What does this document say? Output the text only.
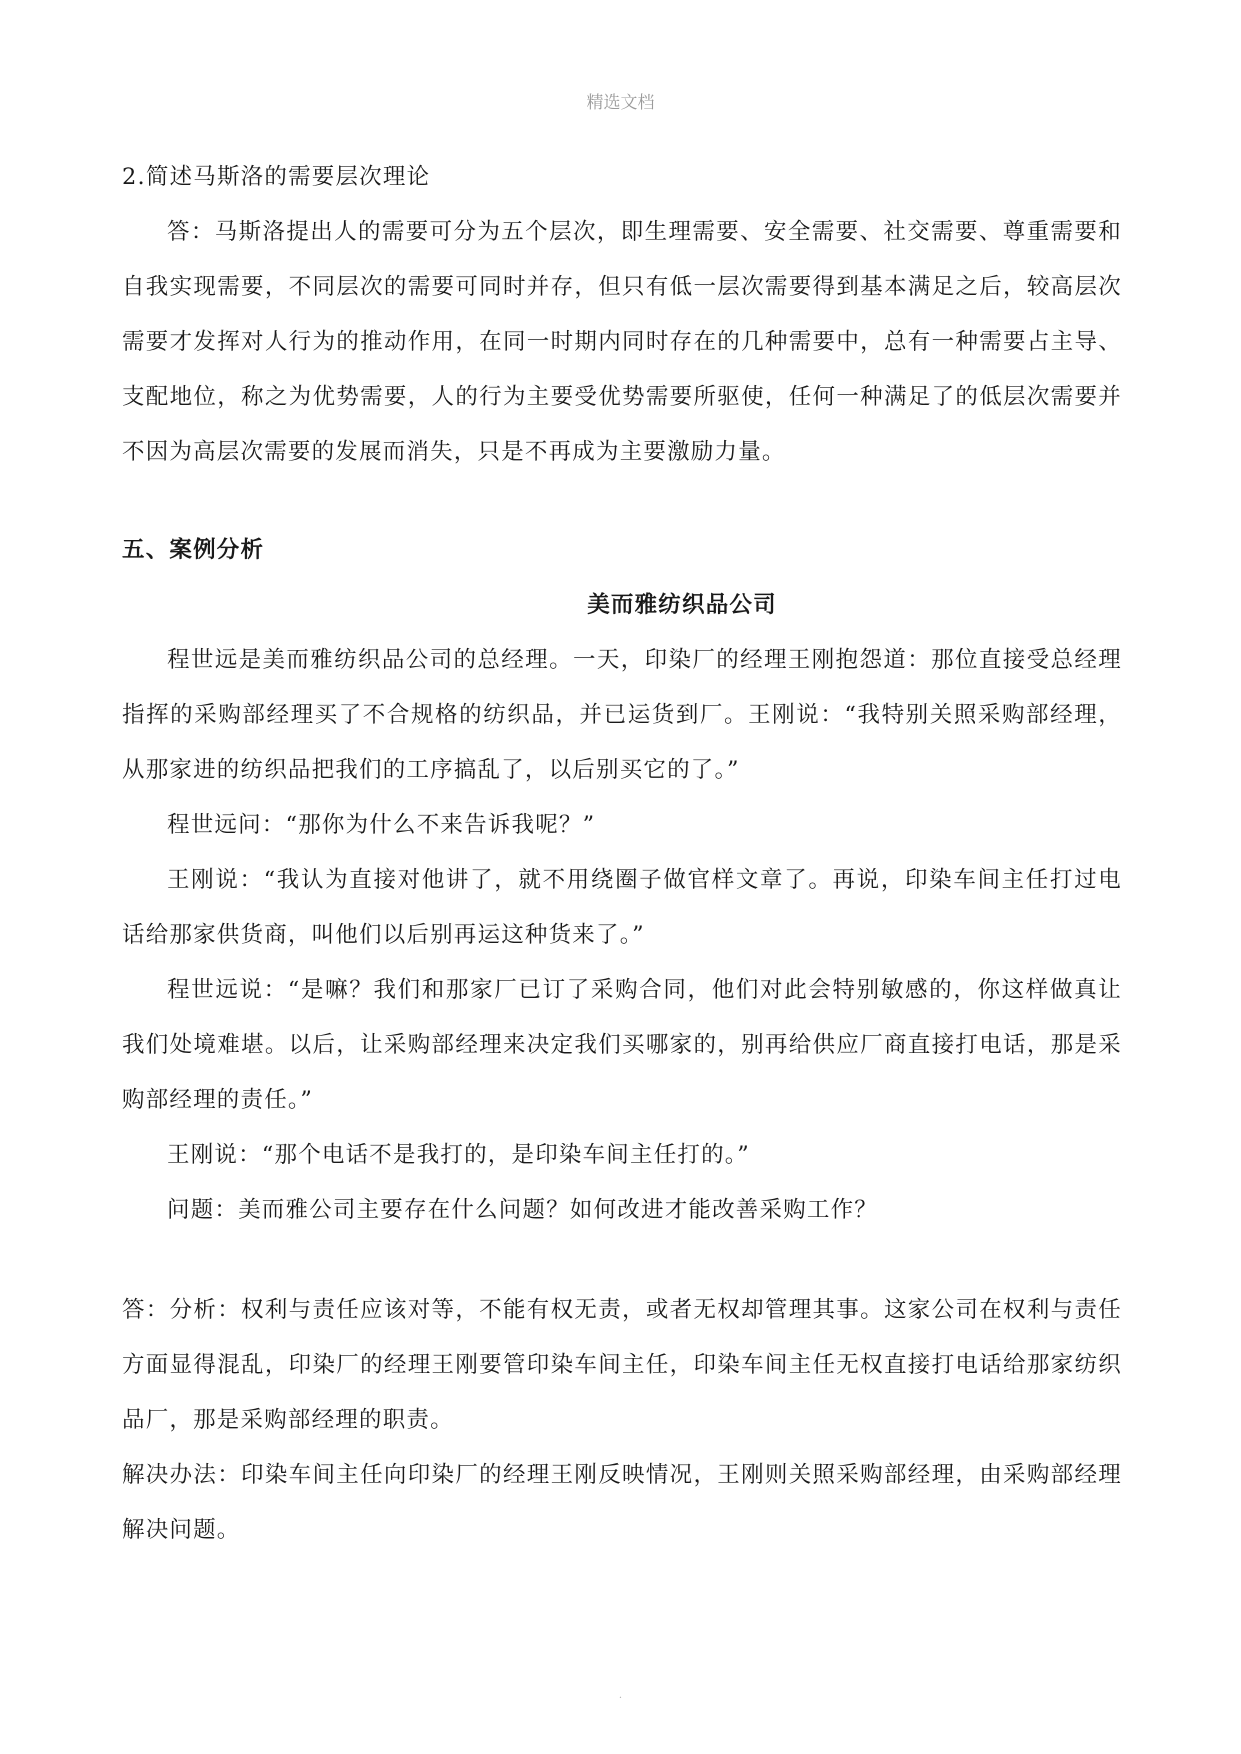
精选文档

2.简述马斯洛的需要层次理论

答：马斯洛提出人的需要可分为五个层次，即生理需要、安全需要、社交需要、尊重需要和自我实现需要，不同层次的需要可同时并存，但只有低一层次需要得到基本满足之后，较高层次需要才发挥对人行为的推动作用，在同一时期内同时存在的几种需要中，总有一种需要占主导、支配地位，称之为优势需要，人的行为主要受优势需要所驱使，任何一种满足了的低层次需要并不因为高层次需要的发展而消失，只是不再成为主要激励力量。

五、案例分析

美而雅纺织品公司

程世远是美而雅纺织品公司的总经理。一天，印染厂的经理王刚抱怨道：那位直接受总经理指挥的采购部经理买了不合规格的纺织品，并已运货到厂。王刚说：“我特别关照采购部经理，从那家进的纺织品把我们的工序搞乱了，以后别买它的了。”

程世远问：“那你为什么不来告诉我呢？”

王刚说：“我认为直接对他讲了，就不用绕圈子做官样文章了。再说，印染车间主任打过电话给那家供货商，叫他们以后别再运这种货来了。”

程世远说：“是嘛？我们和那家厂已订了采购合同，他们对此会特别敏感的，你这样做真让我们处境难堪。以后，让采购部经理来决定我们买哪家的，别再给供应厂商直接打电话，那是采购部经理的责任。”

王刚说：“那个电话不是我打的，是印染车间主任打的。”

问题：美而雅公司主要存在什么问题？如何改进才能改善采购工作？

答：分析：权利与责任应该对等，不能有权无责，或者无权却管理其事。这家公司在权利与责任方面显得混乱，印染厂的经理王刚要管印染车间主任，印染车间主任无权直接打电话给那家纺织品厂，那是采购部经理的职责。

解决办法：印染车间主任向印染厂的经理王刚反映情况，王刚则关照采购部经理，由采购部经理解决问题。

.
